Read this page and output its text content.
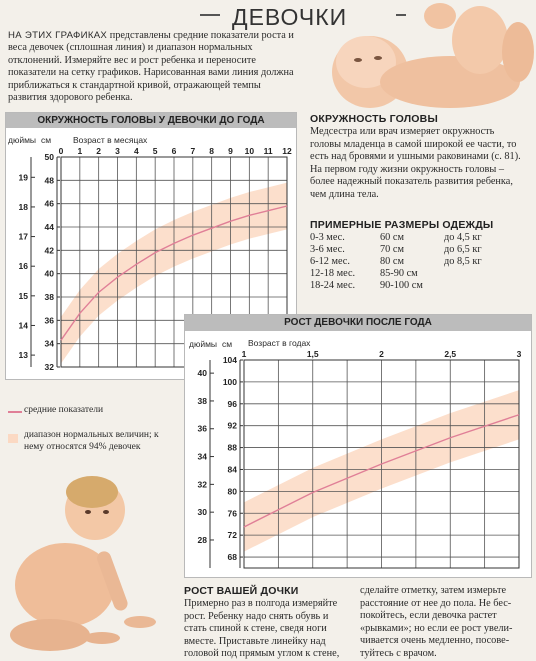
ДЕВОЧКИ
НА ЭТИХ ГРАФИКАХ представлены средние показатели роста и веса девочек (сплошная линия) и диапазон нормальных отклонений. Измеряйте вес и рост ребенка и переносите показатели на сетку графиков. Нарисованная вами линия должна приближаться к стандартной кривой, отражающей темпы развития здорового ребенка.
ОКРУЖНОСТЬ ГОЛОВЫ У ДЕВОЧКИ ДО ГОДА
дюймы см	Возраст в месяцах
0 1 2 3 4 5 6 7 8 9 10 11 12
32
34
36
38
40
42
44
46
48
50
13
14
15
16
17
18
19
средние показатели
диапазон нормальных величин; к нему относятся 94% девочек
ОКРУЖНОСТЬ ГОЛОВЫ
Медсестра или врач измеряет окружность
головы младенца в самой широкой ее части, то
есть над бровями и ушными раковинами (с. 81).
На первом году жизни окружность головы –
более надежный показатель развития ребенка,
чем длина тела.
ПРИМЕРНЫЕ РАЗМЕРЫ ОДЕЖДЫ
0-3 мес.	60 см	до 4,5 кг
3-6 мес.	70 см	до 6,5 кг
6-12 мес.	80 см	до 8,5 кг
12-18 мес.	85-90 см	
18-24 мес.	90-100 см	
РОСТ ДЕВОЧКИ ПОСЛЕ ГОДА
дюймы см Возраст в годах
1	1,5	2	2,5	3
68
72
76
80
84
88
92
96
100
104
28
30
32
34
36
38
40
РОСТ ВАШЕЙ ДОЧКИ
Примерно раз в полгода измеряйте
рост. Ребенку надо снять обувь и
стать спиной к стене, сведя ноги
вместе. Приставьте линейку над
головой под прямым углом к стене,
сделайте отметку, затем измерьте
расстояние от нее до пола. Не бес-
покойтесь, если девочка растет
«рывками»; но если ее рост увели-
чивается очень медленно, посове-
туйтесь с врачом.
